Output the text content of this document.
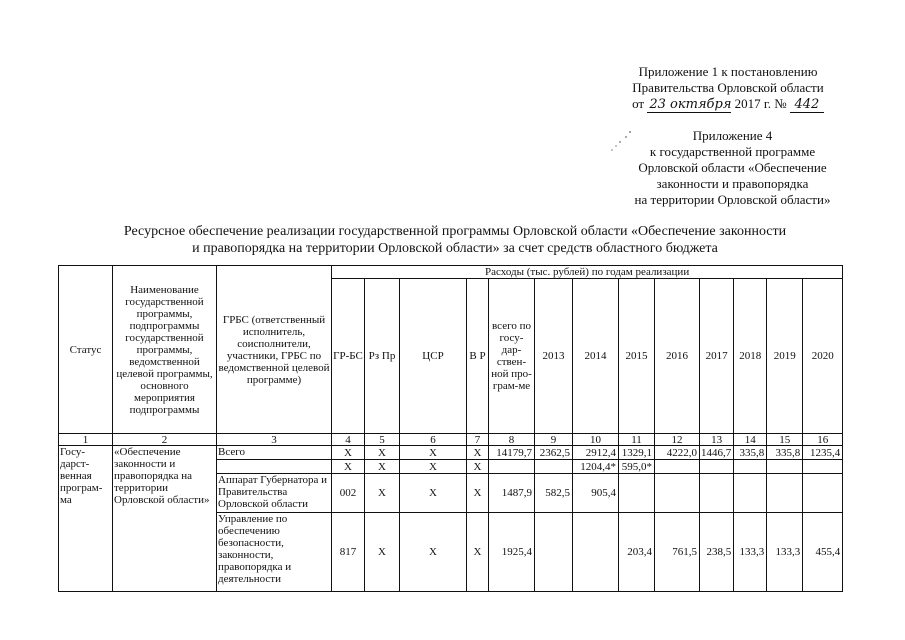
Приложение 1 к постановлению
Правительства Орловской области
от 23 октября 2017 г. № 442
Приложение 4
к государственной программе
Орловской области «Обеспечение
законности и правопорядка
на территории Орловской области»
Ресурсное обеспечение реализации государственной программы Орловской области «Обеспечение законности
и правопорядка на территории Орловской области» за счет средств областного бюджета
Статус	Наименование государственной программы, подпрограммы государственной программы, ведомственной целевой программы, основного мероприятия подпрограммы	ГРБС (ответственный исполнитель, соисполнители, участники, ГРБС по ведомственной целевой программе)	Расходы (тыс. рублей) по годам реализации												
			ГР-БС	Рз Пр	ЦСР	В Р	всего по госу-дар-ствен-ной про-грам-ме	2013	2014	2015	2016	2017	2018	2019	2020
1	2	3	4	5	6	7	8	9	10	11	12	13	14	15	16
Госу-дарст-венная програм-ма	«Обеспечение законности и правопорядка на территории Орловской области»	Всего	Х	Х	Х	Х	14179,7	2362,5	2912,4	1329,1	4222,0	1446,7	335,8	335,8	1235,4
			Х	Х	Х	Х			1204,4*	595,0*					
		Аппарат Губернатора и Правительства Орловской области	002	Х	Х	Х	1487,9	582,5	905,4						
		Управление по обеспечению безопасности, законности, правопорядка и деятельности	817	Х	Х	Х	1925,4			203,4	761,5	238,5	133,3	133,3	455,4
